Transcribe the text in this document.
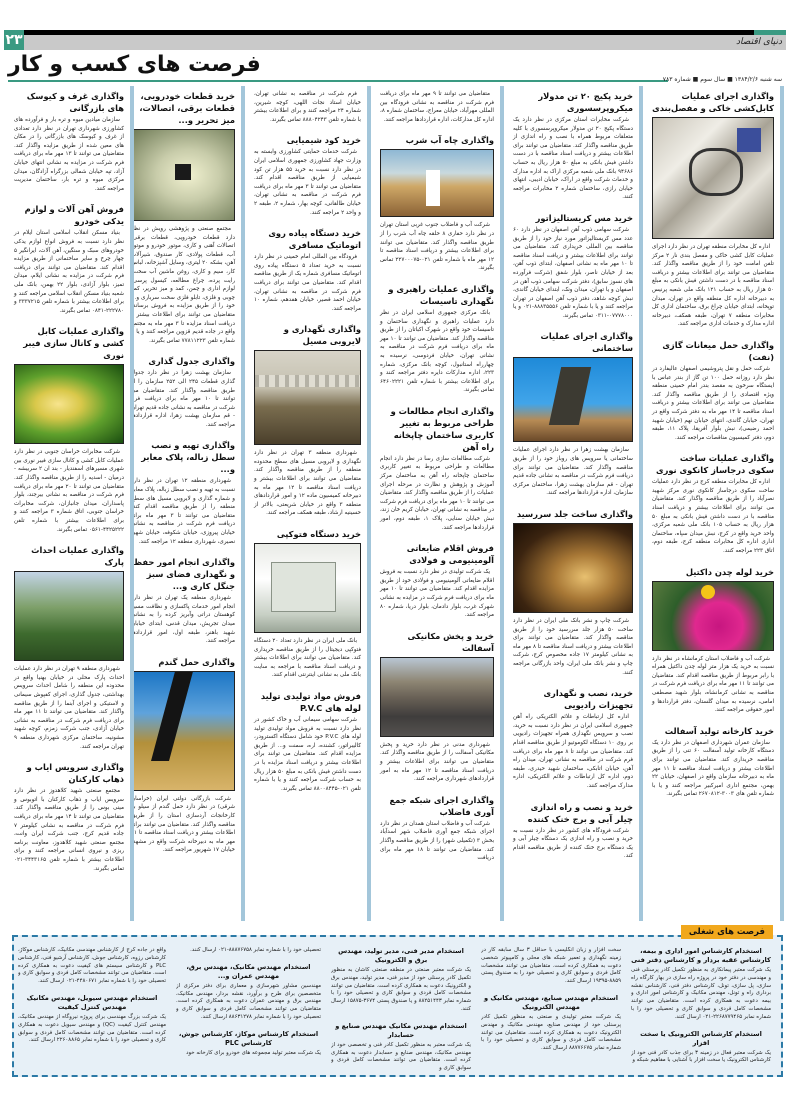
۲۳	دنیای اقتصاد
فرصت های کسب و کار
سه شنبه ۱۳۸۴/۲/۶ ■ سال سوم ■ شماره ۷۸۳
واگذاری اجرای عملیات کابل‌کشی خاکی و مفصل‌بندی
اداره کل مخابرات منطقه تهران در نظر دارد اجرای عملیات کابل کشی خاکی و مفصل بندی نار ۲ مرکز تلفن امامت خود را از طریق مناقصه واگذار کند. متقاضیان می توانند برای اطلاعات بیشتر و دریافت اسناد مناقصه با در دست داشتن فیش بانکی به مبلغ ۵۰ هزار ریال به حساب ۱۲۱ بانک ملی شعبه پرنیس به دبیرخانه اداره کل منطقه واقع در تهران، میدان توپخانه، ابتدای خیابان چراغ برق، ساختمان اداری کل مخابرات منطقه ۷ تهران، طبقه همکف، دبیرخانه اداره مدارک و خدمات اداری مراجعه کنند.
واگذاری حمل میعانات گازی (نفت)
شرکت حمل و نقل پتروشیمی اصفهان عالیفارد در نظر دارد روزانه حمل ۱۰۰ تن گاز از بندر عباس با ایستگاه سرخون به مقصد بندر امام خمینی منطقه ویژه اقتصادی را از طریق مناقصه واگذار کند. متقاضیان می توانند برای اطلاعات بیشتر و دریافت اسناد مناقصه تا ۱۴ مهر ماه به دفتر شرکت واقع در تهران، خیابان گاندی، انتهای خیابان نهم (خیابان شهید احمد رضیمی)، نبش بلوار آفریقا، پلاک ۱۱، طبقه دوم، دفتر کمیسیون مناقصات مراجعه کنند.
واگذاری عملیات ساخت سکوی درجاساز کانکوی نوری
اداره کل مخابرات منطقه کرج در نظر دارد عملیات ساخت سکوی درجاساز کانکوی نوری مرکز شهید نصرآباد را از طریق مناقصه واگذار کند. متقاضیان می توانند برای اطلاعات بیشتر و دریافت اسناد مناقصه با در دست داشتن فیش بانکی به مبلغ ۵۰ هزار ریال به حساب ۱۰۵ بانک ملی شعبه مرکزی، واحد خرید واقع در کرج، نبش میدان سپاه، ساختمان اداری اداره کل مخابرات منطقه کرج، طبقه دوم، اتاق ۲۲۳ مراجعه کنند.
خرید لوله چدن داکتیل
شرکت آب و فاضلاب استان کرمانشاه در نظر دارد نسبت به خرید یک هزار متر لوله چدن داکتیل همراه با رابر مربوط از طریق مناقصه اقدام کند. متقاضیان می توانند تا ۱۱ مهر ماه برای دریافت فرم شرکت در مناقصه به نشانی کرمانشاه، بلوار شهید مصطفی امامی، نرسیده به میدان گلستان، دفتر قراردادها و امور حقوقی مراجعه کنند.
خرید کارخانه تولید آسفالت
سازمان عمران شهرداری اصفهان در نظر دارد یک دستگاه کارخانه تولید آسفالت ۶۰ تنی را از طریق مناقصه خریداری کند. متقاضیان می توانند برای اطلاعات بیشتر و دریافت اسناد مناقصه تا ۱۱ مهر ماه به دبیرخانه سازمان واقع در اصفهان، خیابان ۲۲ بهمن، مجتمع اداری امیرکبیر مراجعه کنند و یا با شماره تلفن های ۳۰۰۳-۲۶۷۰۸۱۲ تماس بگیرند.
خرید پکیج ۲۰ تن مدولار میکروپرسسوری
شرکت مخابرات استان مرکزی در نظر دارد یک دستگاه پکیج ۲۰ تن مدولار میکروپرسسوری با کلیه متعلقات مربوط همراه با نصب و راه اندازی از طریق مناقصه واگذار کند. متقاضیان می توانند برای اطلاعات بیشتر و دریافت اسناد مناقصه با در دست داشتن فیش بانکی به مبلغ ۵۰ هزار ریال به حساب ۹۴۶۸۶ بانک ملی شعبه مرکزی اراک به اداره مدارک و خدمات شرکت واقع در اراک، خیابان ادیبی، انتهای خیابان رازی، ساختمان شماره ۲ مخابرات مراجعه کنند.
خرید مس کریستالیزاتور
شرکت سهامی ذوب آهن اصفهان در نظر دارد ۶۰ عدد مس کریستالیزاتور مورد نیاز خود را از طریق مناقصه بین المللی خریداری کند. متقاضیان می توانند برای اطلاعات بیشتر و دریافت اسناد مناقصه تا ۱۰ مهر ماه به نشانی اصفهان، ابتدای ذوب آهن، بعد از خیابان ناصر، بلوار شفق (شرکت فرآورده های نسوز سابق)، دفتر شرکت سهامی ذوب آهن در اصفهان و یا تهران، میدان ونک، ابتدای خیابان گاندی، نبش کوچه شاهد، دفتر ذوب آهن اصفهان در تهران مراجعه کنند و یا با شماره تلفن ۸۸۸۳۵۵۵۶-۰۲۱ و یا ۰۷۷۷۸۰۰۰-۰۳۱۱ تماس بگیرند.
واگذاری اجرای عملیات ساختمانی
سازمان بهشت زهرا در نظر دارد اجرای عملیات ساختمانی یا سرویس های روباز خود را از طریق مناقصه واگذار کند. متقاضیان می توانند برای دریافت فرم شرکت در مناقصه به نشانی جاده قدیم تهران - قم سازمان بهشت زهرا، ساختمان مرکزی سازمان، اداره قراردادها مراجعه کنند.
واگذاری ساخت جلد سررسید
شرکت چاپ و نشر بانک ملی ایران در نظر دارد ساخت ۵۰ هزار جلد سررسید خود را از طریق مناقصه واگذار کند. متقاضیان می توانند برای اطلاعات بیشتر و دریافت اسناد مناقصه تا ۸ مهر ماه به نشانی کیلومتر ۱۷ جاده مخصوص کرج، شرکت چاپ و نشر بانک ملی ایران، واحد بازرگانی مراجعه کنند.
خرید، نصب و نگهداری تجهیزات رادیویی
اداره کل ارتباطات و علائم الکتریکی راه آهن جمهوری اسلامی ایران در نظر دارد نسبت به خرید، نصب و سرویس نگهداری همراه تجهیزات رادیویی بر روی ۱۰ دستگاه لکوموتیو از طریق مناقصه اقدام کند. متقاضیان می توانند تا ۸ مهر ماه برای دریافت فرم شرکت در مناقصه به نشانی تهران، میدان راه آهن، خیابان اتابکی، ساختمان شهید حیدری، طبقه دوم، اداره کل ارتباطات و علائم الکتریکی، اداره مدارک مراجعه کنند.
خرید و نصب و راه اندازی چیلر آبی و برج خنک کننده
شرکت فرودگاه های کشور در نظر دارد نسبت به خرید و نصب و راه اندازی یک دستگاه چیلر آبی و یک دستگاه برج خنک کننده از طریق مناقصه اقدام کند.
متقاضیان می توانند تا ۹ مهر ماه برای دریافت فرم شرکت در مناقصه به نشانی فرودگاه بین المللی مهرآباد، خیابان معراج، ساختمان شماره ۸، اداره کل مدارکات، اداره قراردادها مراجعه کنند.
واگذاری چاه آب شرب
شرکت آب و فاضلاب جنوب غربی استان تهران در نظر دارد حفاری ۸ حلقه چاه آب شرب را از طریق مناقصه واگذار کند. متقاضیان می توانند برای اطلاعات بیشتر و دریافت اسناد مناقصه تا ۱۲ مهر ماه با شماره تلفن ۰۲۱-۲۲۷۰۰۰۷۵ تماس بگیرند.
واگذاری عملیات راهبری و نگهداری تاسیسات
بانک مرکزی جمهوری اسلامی ایران در نظر دارد عملیات راهبری و نگهداری ساختمان و تاسیسات خود واقع در شهرک اکباتان را از طریق مناقصه واگذار کند. متقاضیان می توانند تا ۱۰ مهر ماه برای دریافت فرم شرکت در مناقصه به نشانی تهران، خیابان فردوسی، نرسیده به چهارراه استانبول، کوچه بانک مرکزی، شماره ۲۲۳، اداره مدارکات دایره دفتر مراجعه کنند و برای اطلاعات بیشتر با شماره تلفن ۶۴۶۰۲۲۲۱ تماس بگیرند.
واگذاری انجام مطالعات و طراحی مربوط به تغییر کاربری ساختمان چاپخانه راه آهن
شرکت مطالعات سازی رسا در نظر دارد انجام مطالعات و طراحی مربوط به تغییر کاربری ساختمان چاپخانه راه آهن به ساختمان مرکز آموزش و پژوهش و نظارت در مرحله اجرای عملیات را از طریق مناقصه واگذار کند. متقاضیان می توانند تا ۱۰ مهر ماه برای دریافت فرم شرکت در مناقصه به نشانی تهران، خیابان کریم خان زند، نبش خیابان سنایی، پلاک ۱، طبقه دوم، امور قراردادها مراجعه کنند.
فروش اقلام ضایعاتی آلومینیومی و فولادی
یک شرکت تولیدی در نظر دارد نسبت به فروش اقلام ضایعاتی آلومینیومی و فولادی خود از طریق مزایده اقدام کند. متقاضیان می توانند تا ۱۰ مهر ماه برای دریافت فرم شرکت در مزایده به نشانی شهرک غرب، بلوار دادمان، بلوار دریا، شماره ۸۰ مراجعه کنند.
خرید و پخش مکانیکی آسفالت
شهرداری مدنی در نظر دارد خرید و پخش مکانیکی آسفالت را از طریق مناقصه واگذار کند. متقاضیان می توانند برای اطلاعات بیشتر و دریافت اسناد مناقصه تا ۱۲ مهر ماه به امور قراردادهای شهرداری مراجعه کنند.
واگذاری اجرای شبکه جمع آوری فاضلاب
شرکت آب و فاضلاب استان همدان در نظر دارد اجرای شبکه جمع آوری فاضلاب شهر اسدآباد بخش ۳ (تکمیلی شهر) را از طریق مناقصه واگذار کند. متقاضیان می توانند تا ۱۸ مهر ماه برای دریافت
فرم شرکت در مناقصه به نشانی تهران، خیابان استاد نجات اللهی، کوچه شیرین، شماره ۲۴ مراجعه کنند و برای اطلاعات بیشتر با شماره تلفن ۸۸۸۰۴۲۴۳ تماس بگیرند.
خرید کود شیمیایی
شرکت خدمات حمایتی کشاورزی وابسته به وزارت جهاد کشاورزی جمهوری اسلامی ایران در نظر دارد نسبت به خرید ۵۵ هزار تن کود شیمیایی از طریق مناقصه اقدام کند. متقاضیان می توانند تا ۳ مهر ماه برای دریافت فرم شرکت در مناقصه به نشانی تهران، خیابان طالقانی، کوچه بهار، شماره ۲، طبقه ۲ و واحد ۲ مراجعه کنند.
خرید دستگاه پیاده روی اتوماتیک مسافری
فرودگاه بین المللی امام خمینی در نظر دارد نسبت به خرید تعداد ۵ دستگاه پیاده روی اتوماتیک مسافری شماره یک از طریق مناقصه اقدام کند. متقاضیان می توانند برای دریافت فرم شرکت در مناقصه به نشانی تهران، خیابان احمد قصیر، خیابان هفدهم، شماره ۱۰ مراجعه کنند.
واگذاری نگهداری و لایروبی مسیل
شهرداری منطقه ۳ تهران در نظر دارد نگهداری و لایروبی مسیل های سطح محدوده منطقه را از طریق مناقصه واگذار کند. متقاضیان می توانند برای اطلاعات بیشتر و دریافت اسناد مناقصه تا ۱۲ مهر ماه به دبیرخانه کمیسیون ماده ۱۲ و امور قراردادهای منطقه ۳ واقع در خیابان شریعتی، بالاتر از حسینیه ارشاد، طبقه همکف مراجعه کنند.
خرید دستگاه فتوکپی
بانک ملی ایران در نظر دارد تعداد ۲۰ دستگاه فتوکپی دیجیتال را از طریق مناقصه خریداری کند. متقاضیان می توانند برای اطلاعات بیشتر و دریافت اسناد مناقصه با مراجعه به سایت بانک ملی به نشانی اینترنتی اقدام کنند.
فروش مواد تولیدی تولید لوله های P.V.C
شرکت سهامی سیمانی آب و خاک کشور در نظر دارد نسبت به فروش مواد تولیدی تولید لوله های P.V.C خود شامل دستگاه اکسترودر، کالیبراتور، کشنده، اره، سمنت و... از طریق مزایده اقدام کند. متقاضیان می توانند برای اطلاعات بیشتر و دریافت اسناد مزایده با در دست داشتن فیش بانکی به مبلغ ۵۰ هزار ریال به حساب شرکت مراجعه کنند و یا با شماره تلفن ۰۲۱-۸۸۰۰۸۴۴۵ تماس بگیرند.
خرید قطعات خودرویی، قطعات برقی، اتصالات، میز تحریر و...
مجتمع صنعتی و پژوهشی رویش در نظر دارد قطعات خودرویی، قطعات برقی، اتصالات آهنی و کاری، موتور خودرو و موتور آب، قطعات پولادی، کار صندوق، شیرآلات آهن، بشکه ۲۰ لیتری، وسایل آشپزخانه، لباس کار، سیم و کاری، روغن ماشین آب سخت، رایت پرده، چراغ مطالعه، کیسول پرسی، لوازم اداری و چمن، کمد و میز تحریر، کمد چوبی و فلزی، تابلو فلزی سخت سرباری و... خود را از طریق مزایده به فروش برساند. متقاضیان می توانند برای اطلاعات بیشتر و دریافت اسناد مزایده تا ۳ مهر ماه به مجتمع واقع در جاده قدیم قزوین مراجعه کنند و یا با شماره تلفن ۷۷۸۱۱۲۲۳ تماس بگیرند.
واگذاری جدول گذاری
سازمان بهشت زهرا در نظر دارد جدول گذاری قطعات ۲۴۵ الی ۲۵۲ سازمان را از طریق مناقصه واگذار کند. متقاضیان می توانند تا ۱۰ مهر ماه برای دریافت فرم شرکت در مناقصه به نشانی جاده قدیم تهران - قم سازمان بهشت زهرا، اداره قراردادها مراجعه کنند.
واگذاری تهیه و نصب سطل زباله، پلاک معابر و...
شهرداری منطقه ۱۲ تهران در نظر دارد نسبت به تهیه و نصب سطل زباله، پلاک معابر و شماره گذاری و لایروبی مسیل های سطح منطقه را از طریق مناقصه اقدام کند. متقاضیان می توانند تا ۳ مهر ماه برای دریافت فرم شرکت در مناقصه به نشانی خیابان پیروزی، خیابان شکوفه، خیابان شهید نصیری، شهرداری منطقه ۱۲ مراجعه کنند.
واگذاری انجام امور حفظ و نگهداری فضای سبز جنگل کاری و...
شهرداری منطقه یک تهران در نظر دارد انجام امور خدمات پاکسازی و نظافت مسیر کوهستان دراتی وآبریز کرده را به نشانی میدان تجریش، میدان قدس، ابتدای خیابان شهید باهنر، طبقه اول، امور قراردادها مراجعه کنند.
واگذاری حمل گندم
شرکت بازرگانی دولتی ایران (خراسان شرقی) در نظر دارد حمل گندم از سیلو به کارخانجات آردسازی استان را از طریق مناقصه واگذار کند. متقاضیان می توانند برای اطلاعات بیشتر و دریافت اسناد مناقصه تا ۱۱ مهر ماه به دبیرخانه شرکت واقع در مشهد، خیابان ۱۷ شهریور مراجعه کنند.
واگذاری غرف و کیوسک های بازرگانی
سازمان میادین میوه و تره بار و فرآورده های کشاورزی شهرداری تهران در نظر دارد تعدادی از غرف و کیوسک های بازرگانی را در مکان های معین شده از طریق مزایده واگذار کند. متقاضیان می توانند تا ۱۳ مهر ماه برای دریافت فرم شرکت در مزایده به نشانی انتهای خیابان آزاد، تپه خیابان شمالی بزرگراه آزادگان، میدان مرکزی میوه و تره بار، ساختمان مدیریت مراجعه کنند.
فروش آهن آلات و لوازم یدکی خودرو
بنیاد مسکن انقلاب اسلامی استان ایلام در نظر دارد نسبت به فروش انواع لوازم یدکی خودروهای سبک و سنگین، آهن آلات، ایرانگیر ۵ چهار چرخ و سایر ساختمانی از طریق مزایده اقدام کند. متقاضیان می توانند برای دریافت فرم شرکت در مزایده به نشانی ایلام، میدان تمیز، بلوار آزادی، بلوار ۲۲ بهمن، بانک ملی شعبه بنیاد مسکن انقلاب اسلامی مراجعه کنند و برای اطلاعات بیشتر با شماره تلفن ۳۳۳۷۲۱۵ و ۲۲۲۷۸۰-۰۸۴۱ تماس بگیرند.
واگذاری عملیات کابل کشی و کانال سازی فیبر نوری
شرکت مخابرات خراسان جنوبی در نظر دارد عملیات کابل کشی و کانال سازی فیبر نوری بین شهری مسیرهای اسفندیار - بند ان ۲ سربیشه - درمیان - اسدیه را از طریق مناقصه واگذار کند. متقاضیان می توانند تا ۲۰ مهر ماه برای دریافت فرم شرکت در مناقصه به نشانی بیرجند، بلوار پاسداران، میدان جانبازان، شرکت مخابرات خراسان جنوبی، اتاق شماره ۳ مراجعه کنند و برای اطلاعات بیشتر با شماره تلفن ۴۴۲۵۲۲۲-۰۵۶۱ تماس بگیرند.
واگذاری عملیات احداث پارک
شهرداری منطقه ۹ تهران در نظر دارد عملیات احداث پارک محلی در خیابان بهنیا واقع در محدوده این منطقه را شامل احداث سرویس بهداشتی، جدول گذاری، اجرای کفپوش سیمانی و لاستیکی و اجرای آبنما را از طریق مناقصه واگذار کند. متقاضیان می توانند تا ۱۱ مهر ماه برای دریافت فرم شرکت در مناقصه به نشانی خیابان آزادی، جنب شرکت زمزم، کوچه شهید مشونیه، ساختمان مرکزی شهرداری منطقه ۹ تهران مراجعه کنند.
واگذاری سرویس ایاب و ذهاب کارکنان
مجتمع صنعتی شهید کلاهدوز در نظر دارد سرویس ایاب و ذهاب کارکنان با اتوبوس و مینی بوس را از طریق مناقصه واگذار کند. متقاضیان می توانند تا ۱۴ مهر ماه برای دریافت فرم شرکت در مناقصه به نشانی کیلومتر ۷ جاده قدیم کرج، جنب شرکت ایران وانت، مجتمع صنعتی شهید کلاهدوز، معاونت برنامه ریزی و نیروی انسانی مراجعه کنند و برای اطلاعات بیشتر با شماره تلفن ۳۴۴۳۱۶۵-۰۲۱ تماس بگیرند.
فرصت های شغلی
استخدام کارشناس امور اداری و بیمه، کارشناس عقبه بردار و کارشناس دفتر فنی
یک شرکت معتبر پیمانکاری به منظور تکمیل کادر پرسنلی فنی و مهندسی در دفتر خود در پروژه راه سازی در بهار کارگاه راه سازی، پل سازی، تونل، کارشناس دفتر فنی، کارشناس نقشه برداری راه و تونل، مهندس مکانیک و کارشناس امور اداری و بیمه دعوت به همکاری کرده است. متقاضیان می توانند مشخصات کامل فردی و سوابق کاری و تحصیلی خود را با شماره نمابر ۲۲۶۸۷۷۹۴۶۵-۰۲۱ ارسال کنند.
استخدام کارشناس الکترونیک یا سخت افزار
یک شرکت معتبر فعال در زمینه ۳ برای جذب کادر فنی خود از کارشناس الکترونیک یا سخت افزار با آشنایی با مفاهیم شبکه و
سخت افزار و زبان انگلیسی با حداقل ۳ سال سابقه کار در زمینه نگهداری و تعمیر شبکه های محلی و کامپیوتر شخصی دعوت به همکاری کرده است. متقاضیان می توانند مشخصات کامل فردی و سوابق کاری و تحصیلی خود را به صندوق پستی ۸۸۵۹-۱۹۳۹۵ ارسال کنند.
استخدام مهندس صنایع، مهندس مکانیک و مهندس الکترونیک
یک شرکت معتبر تولیدی و صنعتی به منظور تکمیل کادر پرسنلی خود از مهندس صنایع، مهندس مکانیک و مهندس الکترونیک دعوت به همکاری کرده است. متقاضیان می توانند مشخصات کامل فردی و سوابق کاری و تحصیلی خود را با شماره نمابر ۸۸۷۷۶۶۷۵ ارسال کنند.
استخدام مدیر فنی، مدیر تولید، مهندس برق و الکترونیک
یک شرکت معتبر صنعتی در منطقه صنعتی کاشان به منظور تکمیل کادر پرسنلی خود از مدیر فنی، مدیر تولید، مهندس برق و الکترونیک دعوت به همکاری کرده است. متقاضیان می توانند مشخصات کامل فردی و سوابق کاری و تحصیلی خود را با شماره نمابر ۸۸۲۵۱۴۴۳ و یا صندوق پستی ۳۶۷۴-۱۵۸۷۵ ارسال کنند.
استخدام مهندس مکانیک مهندس صنایع و حسابدار
یک شرکت معتبر به منظور تکمیل کادر فنی و تخصصی خود از مهندس مکانیک، مهندس صنایع و حسابدار دعوت به همکاری کرده است. متقاضیان می توانند مشخصات کامل فردی و سوابق کاری و
تحصیلی خود را با شماره نمابر ۸۸۸۷۶۷۵۸-۰۲۱ ارسال کنند.
استخدام مهندس مکانیک، مهندس برق، مهندس عمران و...
مهندسین مشاور شهرسازی و معماری برای دفتر مرکزی از متخصصین برای طرح و برآورد، نقشه بردار، مهندس مکانیک، مهندس برق و مهندس عمران دعوت به همکاری کرده است. متقاضیان می توانند مشخصات کامل فردی و سوابق کاری و تحصیلی خود را با شماره نمابر ۸۸۶۳۱۲۷۸ ارسال کنند.
استخدام کارشناس موکاژ، کارشناس جوش، کارشناس PLC
یک شرکت معتبر تولید مجموعه های خودرو برای کارخانه خود
واقع در جاده کرج از کارشناس مهندسی مکانیک، کارشناس موکاژ، کارشناس رزوه، کارشناس جوش، کارشناس آرشیو فنی، کارشناس PLC و کارشناس سیستم های کیفیت دعوت به همکاری کرده است. متقاضیان می توانند مشخصات کامل فردی و سوابق کاری و تحصیلی خود را با شماره نمابر ۴۴۸۰۶۷۱-۰۲۱ ارسال کنند.
استخدام مهندس سیویل، مهندس مکانیک مهندس کنترل کیفیت
یک شرکت بزرگ مهندسی برای پروژه نیروگاه از مهندس مکانیک، مهندس کنترل کیفیت (QC) و مهندس سیویل دعوت به همکاری کرده است. متقاضیان می توانند مشخصات کامل فردی و سوابق کاری و تحصیلی خود را با شماره نمابر ۲۲۶۰۸۸۶۵ ارسال کنند.
